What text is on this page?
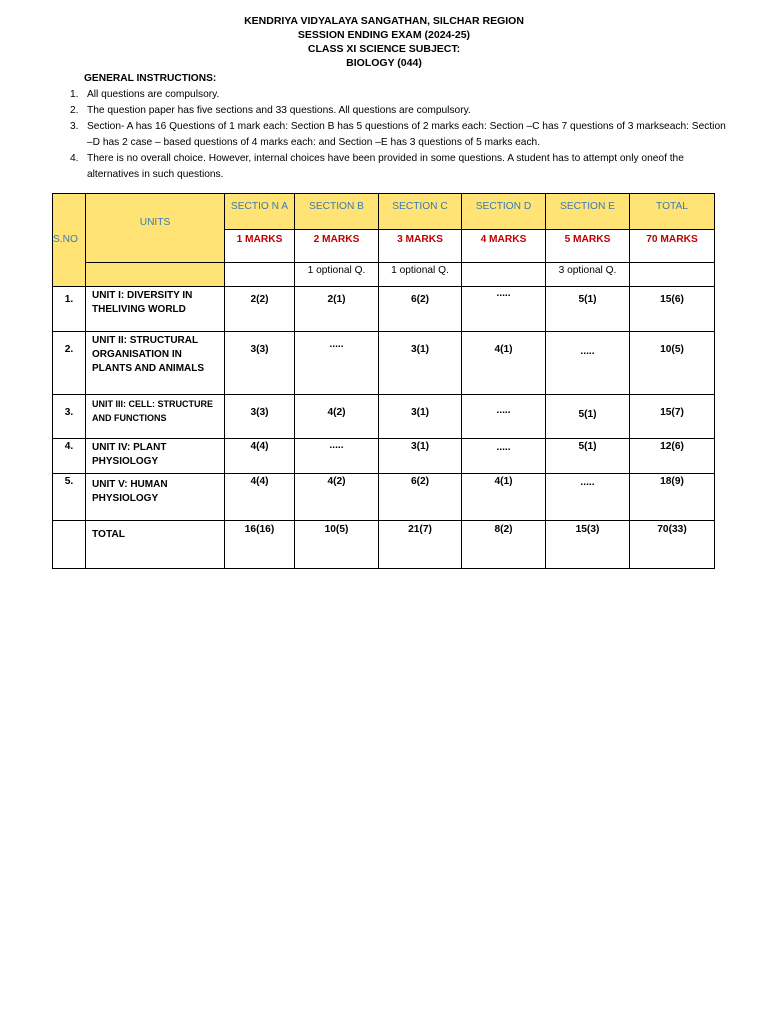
KENDRIYA VIDYALAYA SANGATHAN, SILCHAR REGION
SESSION ENDING EXAM (2024-25)
CLASS XI SCIENCE SUBJECT:
BIOLOGY (044)
GENERAL INSTRUCTIONS:
1. All questions are compulsory.
2. The question paper has five sections and 33 questions. All questions are compulsory.
3. Section- A has 16 Questions of 1 mark each: Section B has 5 questions of 2 marks each: Section –C has 7 questions of 3 markseach: Section –D has 2 case – based questions of 4 marks each: and Section –E has 3 questions of 5 marks each.
4. There is no overall choice. However, internal choices have been provided in some questions. A student has to attempt only oneof the alternatives in such questions.
S.NO	UNITS	SECTIO N A	SECTION B	SECTION C	SECTION D	SECTION E	TOTAL
		1 MARKS	2 MARKS	3 MARKS	4 MARKS	5 MARKS	70 MARKS
			1 optional Q.	1 optional Q.		3 optional Q.	
1.	UNIT I: DIVERSITY IN THELIVING WORLD	2(2)	2(1)	6(2)	.....	5(1)	15(6)
2.	UNIT II: STRUCTURAL ORGANISATION IN PLANTS AND ANIMALS	3(3)	.....	3(1)	4(1)	.....	10(5)
3.	UNIT III: CELL: STRUCTURE AND FUNCTIONS	3(3)	4(2)	3(1)	.....	5(1)	15(7)
4.	UNIT IV: PLANT PHYSIOLOGY	4(4)	.....	3(1)	.....	5(1)	12(6)
5.	UNIT V: HUMAN PHYSIOLOGY	4(4)	4(2)	6(2)	4(1)	.....	18(9)
	TOTAL	16(16)	10(5)	21(7)	8(2)	15(3)	70(33)
